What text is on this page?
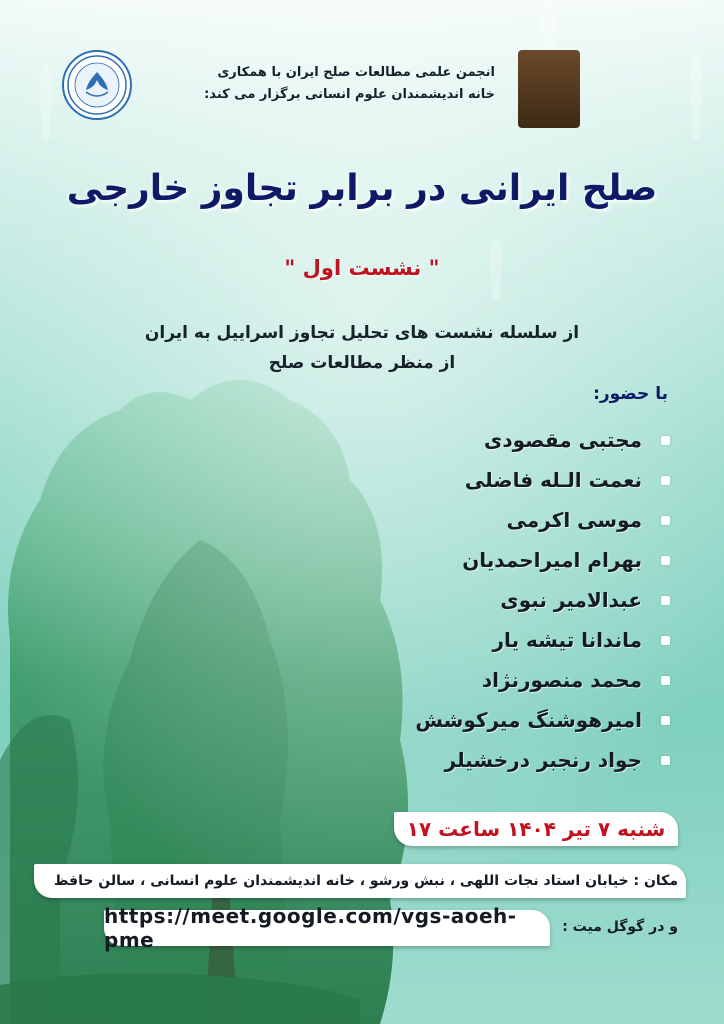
انجمن علمی مطالعات صلح ایران با همکاری
خانه اندیشمندان علوم انسانی برگزار می کند:
صلح ایرانی در برابر تجاوز خارجی
" نشست اول "
از سلسله نشست های تحلیل تجاوز اسراییل به ایران
از منظر مطالعات صلح
با حضور:
مجتبی مقصودی
نعمت الـله فاضلی
موسی اکرمی
بهرام امیراحمدیان
عبدالامیر نبوی
ماندانا تیشه یار
محمد منصورنژاد
امیرهوشنگ میرکوشش
جواد رنجبر درخشیلر
شنبه ۷ تیر ۱۴۰۴ ساعت ۱۷
مکان : خیابان استاد نجات اللهی ، نبش ورشو ، خانه اندیشمندان علوم انسانی ، سالن حافظ
و در گوگل میت :
https://meet.google.com/vgs-aoeh-pme
